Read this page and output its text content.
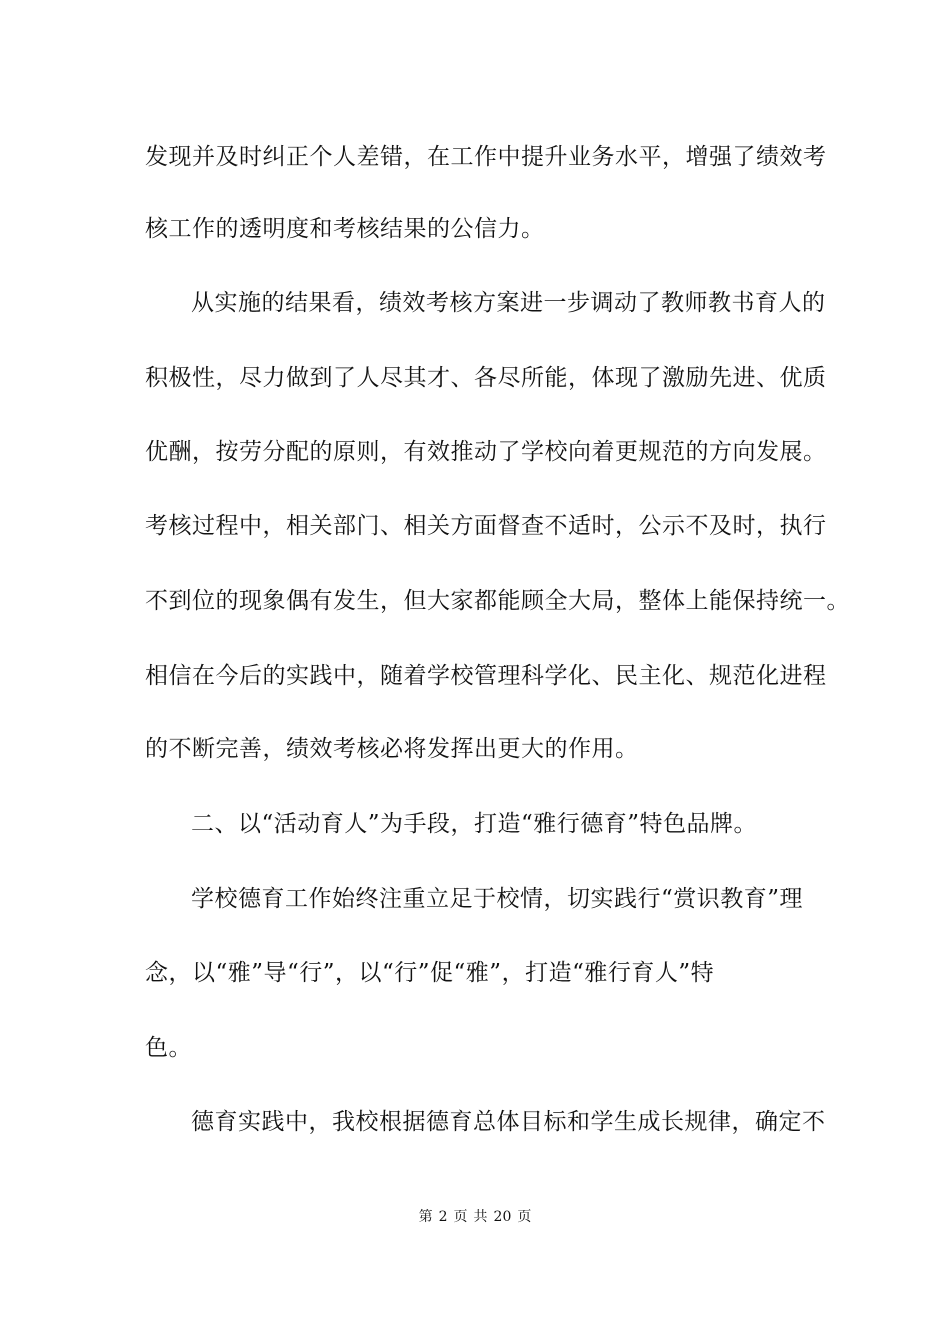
发现并及时纠正个人差错，在工作中提升业务水平，增强了绩效考
核工作的透明度和考核结果的公信力。
从实施的结果看，绩效考核方案进一步调动了教师教书育人的
积极性，尽力做到了人尽其才、各尽所能，体现了激励先进、优质
优酬，按劳分配的原则，有效推动了学校向着更规范的方向发展。
考核过程中，相关部门、相关方面督查不适时，公示不及时，执行
不到位的现象偶有发生，但大家都能顾全大局，整体上能保持统一。
相信在今后的实践中，随着学校管理科学化、民主化、规范化进程
的不断完善，绩效考核必将发挥出更大的作用。
二、以“活动育人”为手段，打造“雅行德育”特色品牌。
学校德育工作始终注重立足于校情，切实践行“赏识教育”理
念，以“雅”导“行”，以“行”促“雅”，打造“雅行育人”特
色。
德育实践中，我校根据德育总体目标和学生成长规律，确定不
第 2 页 共 20 页
